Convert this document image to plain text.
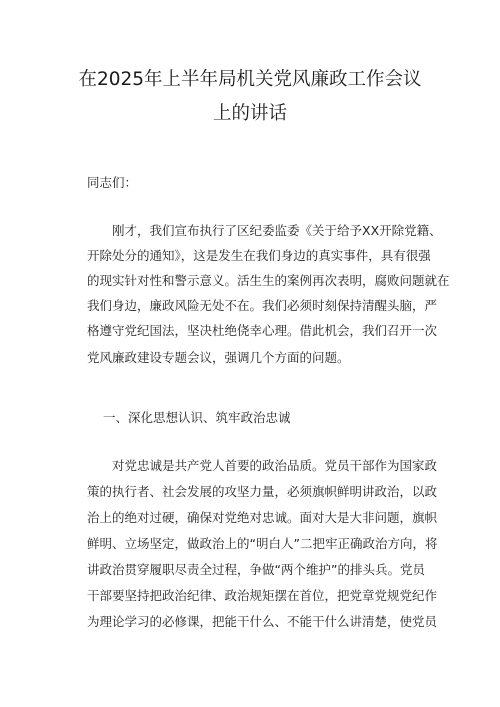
在2025年上半年局机关党风廉政工作会议
上的讲话

同志们：

刚才，我们宣布执行了区纪委监委《关于给予XX开除党籍、

开除处分的通知》，这是发生在我们身边的真实事件，具有很强

的现实针对性和警示意义。活生生的案例再次表明，腐败问题就在

我们身边，廉政风险无处不在。我们必须时刻保持清醒头脑，严

格遵守党纪国法，坚决杜绝侥幸心理。借此机会，我们召开一次

党风廉政建设专题会议，强调几个方面的问题。

一、深化思想认识、筑牢政治忠诚

对党忠诚是共产党人首要的政治品质。党员干部作为国家政

策的执行者、社会发展的攻坚力量，必须旗帜鲜明讲政治，以政

治上的绝对过硬，确保对党绝对忠诚。面对大是大非问题，旗帜

鲜明、立场坚定，做政治上的“明白人”二把牢正确政治方向，将

讲政治贯穿履职尽责全过程，争做“两个维护”的排头兵。党员

干部要坚持把政治纪律、政治规矩摆在首位，把党章党规党纪作

为理论学习的必修课，把能干什么、不能干什么讲清楚，使党员
